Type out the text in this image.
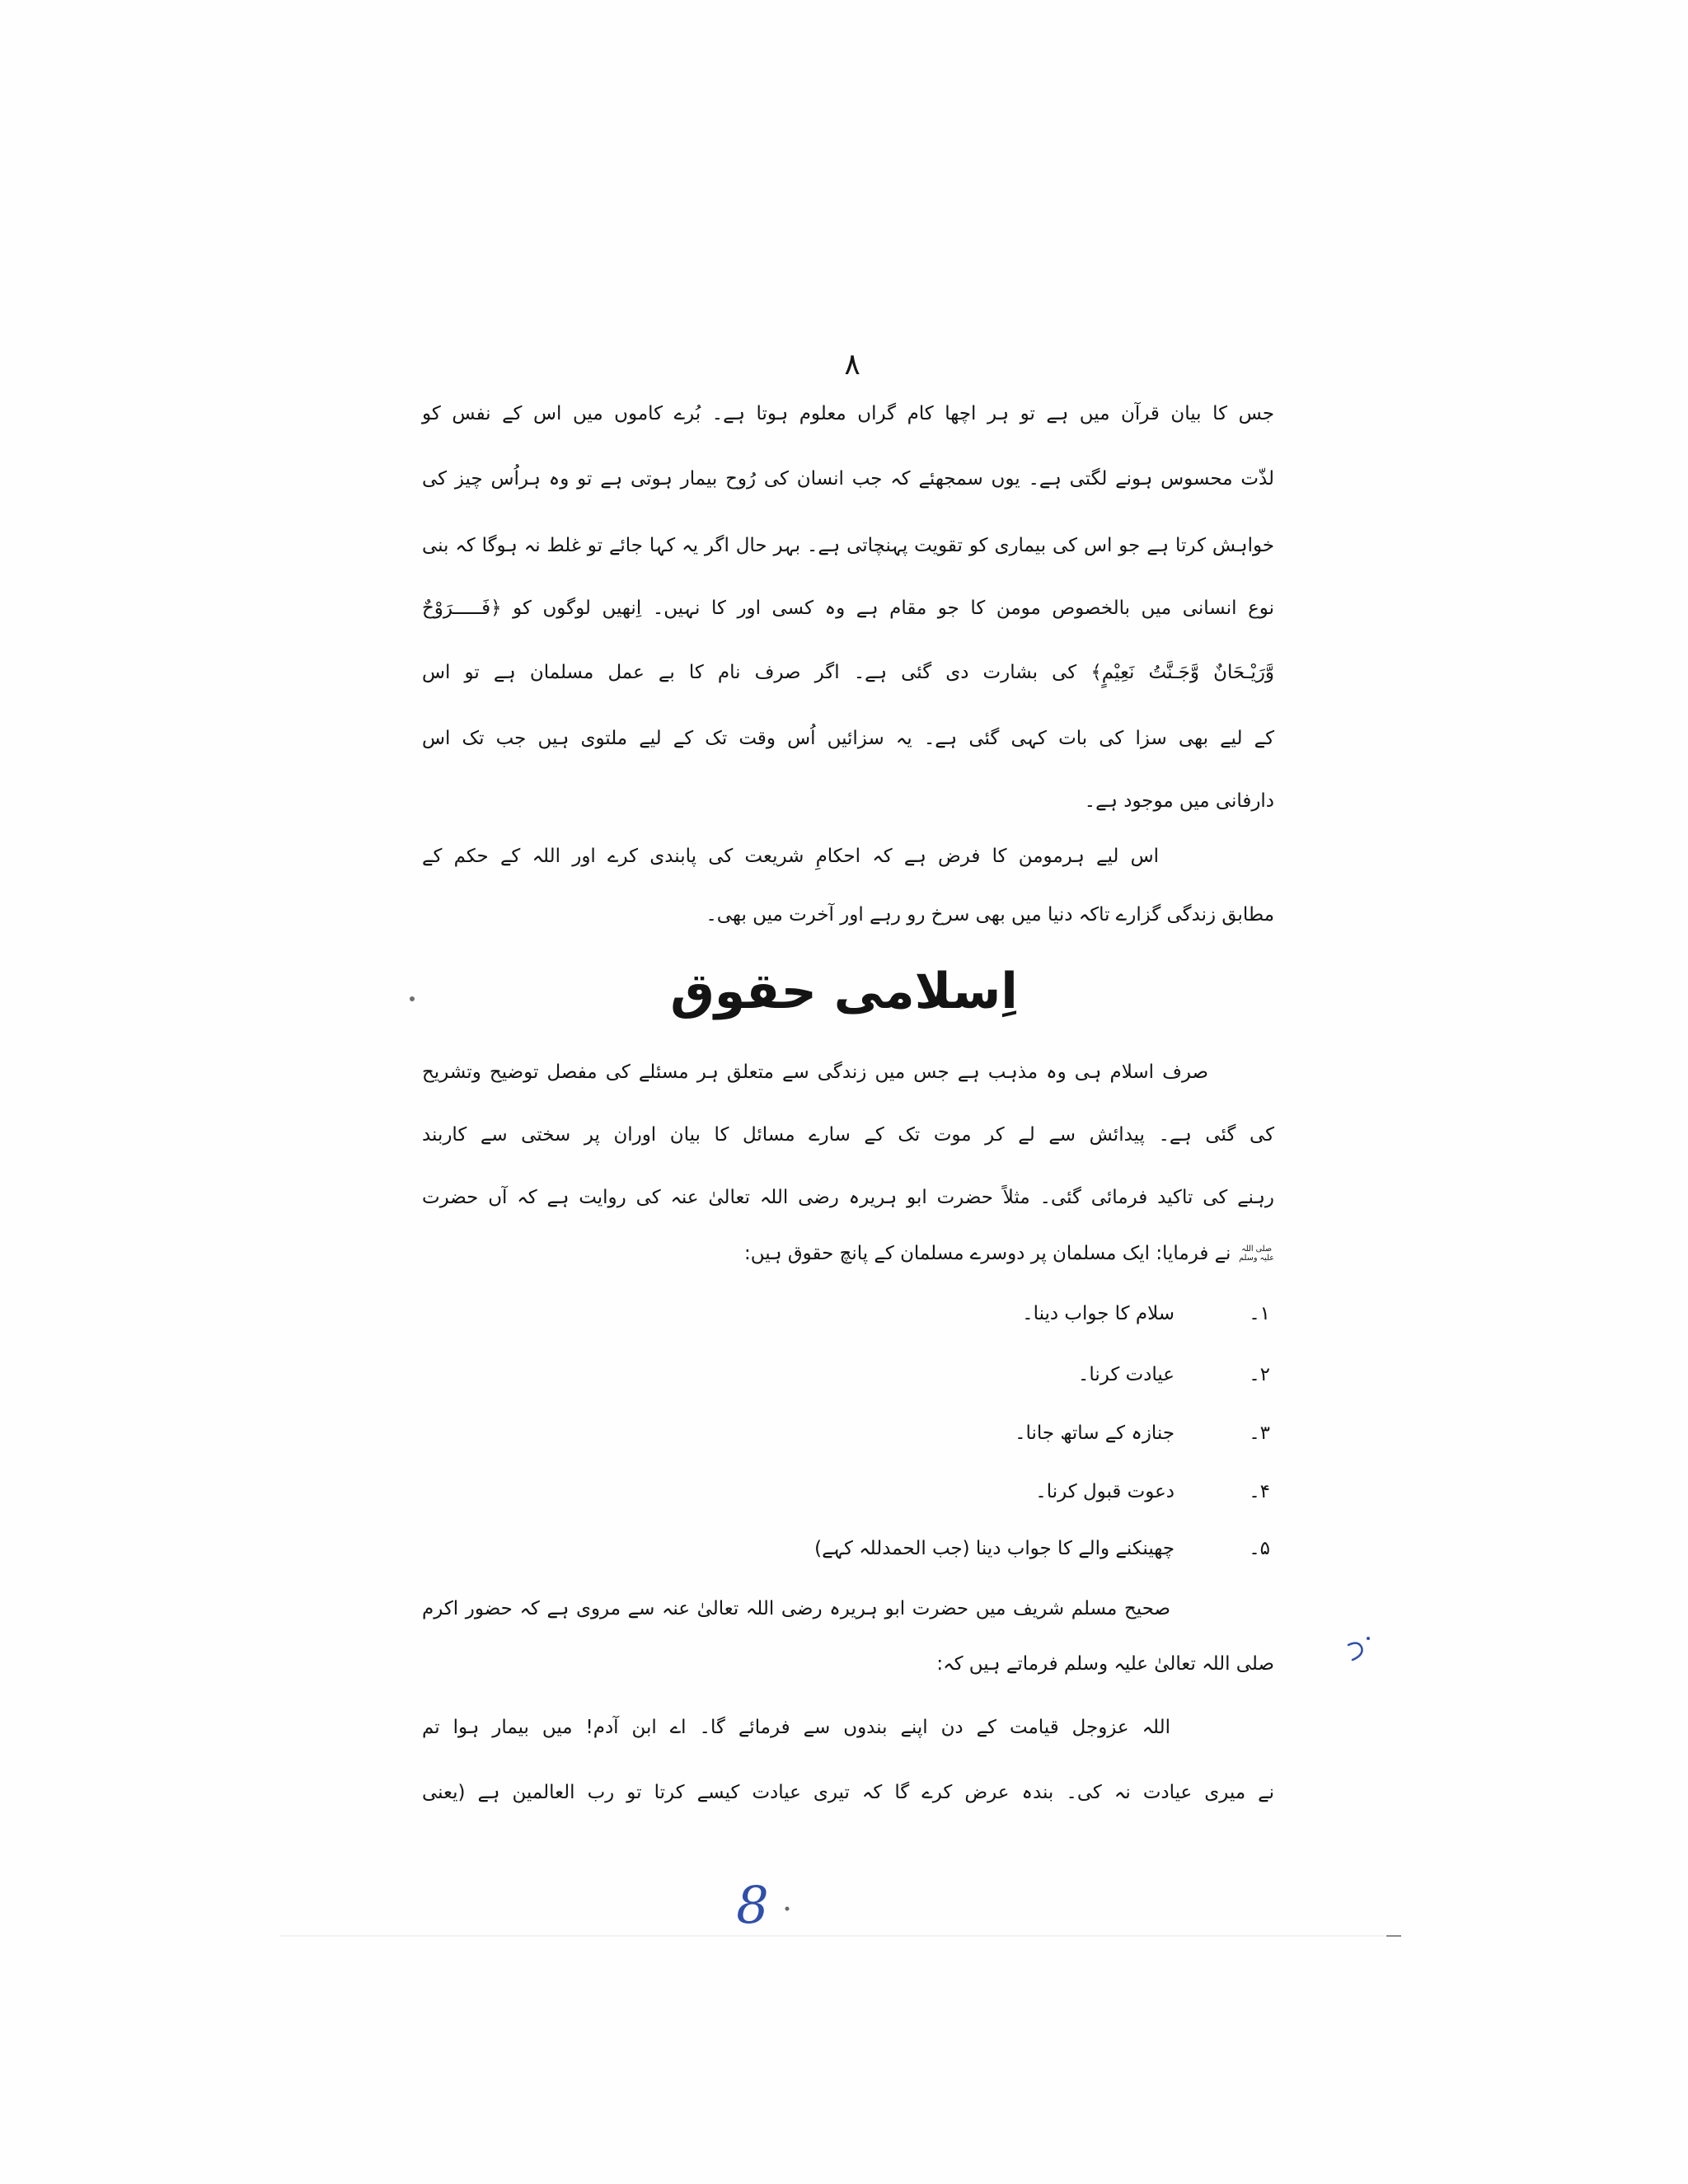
۸
جس کا بیان قرآن میں ہے تو ہر اچھا کام گراں معلوم ہوتا ہے۔ بُرے کاموں میں اس کے نفس کو
لذّت محسوس ہونے لگتی ہے۔ یوں سمجھئے کہ جب انسان کی رُوح بیمار ہوتی ہے تو وہ ہراُس چیز کی
خواہش کرتا ہے جو اس کی بیماری کو تقویت پہنچاتی ہے۔ بہر حال اگر یہ کہا جائے تو غلط نہ ہوگا کہ بنی
نوع انسانی میں بالخصوص مومن کا جو مقام ہے وہ کسی اور کا نہیں۔ اِنھیں لوگوں کو ﴿فَـــــرَوْحٌ
وَّرَیْـحَانٌ وَّجَـنَّتُ نَعِیْمٍ﴾ کی بشارت دی گئی ہے۔ اگر صرف نام کا بے عمل مسلمان ہے تو اس
کے لیے بھی سزا کی بات کہی گئی ہے۔ یہ سزائیں اُس وقت تک کے لیے ملتوی ہیں جب تک اس
دارفانی میں موجود ہے۔
اس لیے ہرمومن کا فرض ہے کہ احکامِ شریعت کی پابندی کرے اور اللہ کے حکم کے
مطابق زندگی گزارے تاکہ دنیا میں بھی سرخ رو رہے اور آخرت میں بھی۔
اِسلامی حقوق
صرف اسلام ہی وہ مذہب ہے جس میں زندگی سے متعلق ہر مسئلے کی مفصل توضیح وتشریح
کی گئی ہے۔ پیدائش سے لے کر موت تک کے سارے مسائل کا بیان اوران پر سختی سے کاربند
رہنے کی تاکید فرمائی گئی۔ مثلاً حضرت ابو ہریرہ رضی اللہ تعالیٰ عنہ کی روایت ہے کہ آں حضرت
صلی اللہ
علیہ وسلم
نے فرمایا: ایک مسلمان پر دوسرے مسلمان کے پانچ حقوق ہیں:
۱۔
سلام کا جواب دینا۔
۲۔
عیادت کرنا۔
۳۔
جنازہ کے ساتھ جانا۔
۴۔
دعوت قبول کرنا۔
۵۔
چھینکنے والے کا جواب دینا (جب الحمدللہ کہے)
صحیح مسلم شریف میں حضرت ابو ہریرہ رضی اللہ تعالیٰ عنہ سے مروی ہے کہ حضور اکرم
صلی اللہ تعالیٰ علیہ وسلم فرماتے ہیں کہ:
اللہ عزوجل قیامت کے دن اپنے بندوں سے فرمائے گا۔ اے ابن آدم! میں بیمار ہوا تم
نے میری عیادت نہ کی۔ بندہ عرض کرے گا کہ تیری عیادت کیسے کرتا تو رب العالمین ہے (یعنی
8
